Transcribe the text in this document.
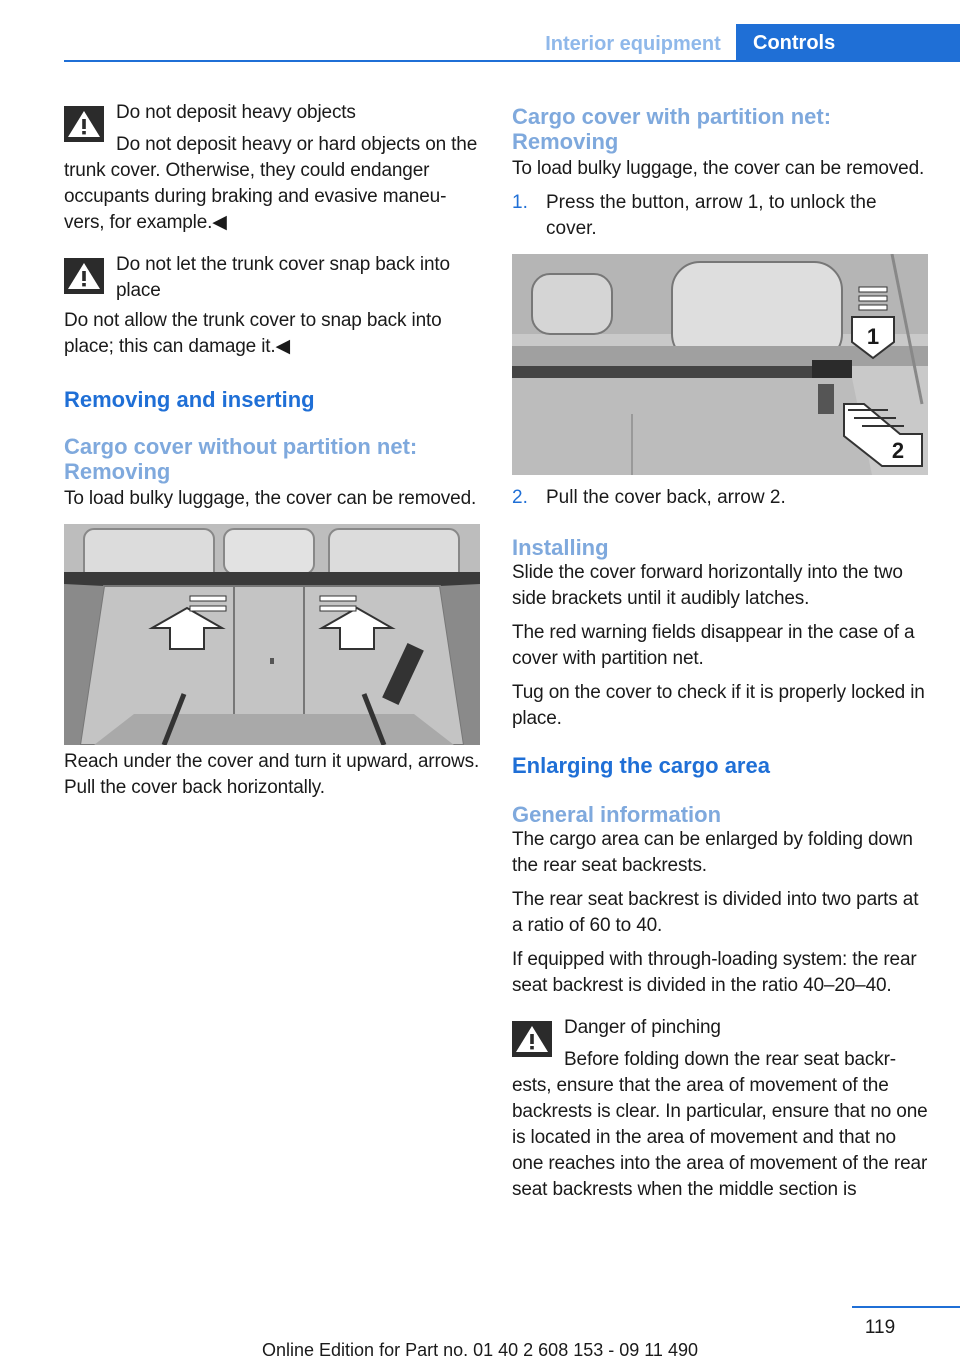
Interior equipment	Controls

Do not deposit heavy objects

Do not deposit heavy or hard objects on the trunk cover. Otherwise, they could endanger occupants during braking and evasive maneuvers, for example.◀

Do not let the trunk cover snap back into place

Do not allow the trunk cover to snap back into place; this can damage it.◀

Removing and inserting
Cargo cover without partition net: Removing

To load bulky luggage, the cover can be removed.

Reach under the cover and turn it upward, arrows. Pull the cover back horizontally.

Cargo cover with partition net: Removing

To load bulky luggage, the cover can be removed.

1. Press the button, arrow 1, to unlock the cover.
1
2
2. Pull the cover back, arrow 2.
Installing

Slide the cover forward horizontally into the two side brackets until it audibly latches.

The red warning fields disappear in the case of a cover with partition net.

Tug on the cover to check if it is properly locked in place.

Enlarging the cargo area
General information

The cargo area can be enlarged by folding down the rear seat backrests.

The rear seat backrest is divided into two parts at a ratio of 60 to 40.

If equipped with through-loading system: the rear seat backrest is divided in the ratio 40–20–40.

Danger of pinching

Before folding down the rear seat backrests, ensure that the area of movement of the backrests is clear. In particular, ensure that no one is located in the area of movement and that no one reaches into the area of movement of the rear seat backrests when the middle section is

119
Online Edition for Part no. 01 40 2 608 153 - 09 11 490
